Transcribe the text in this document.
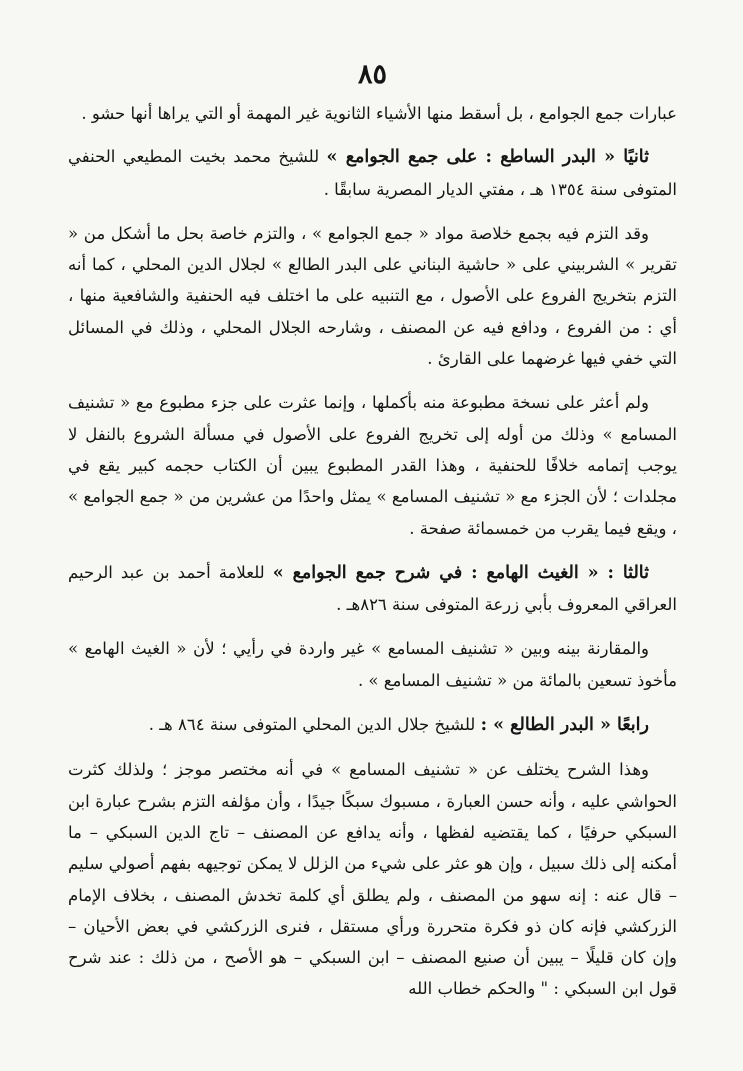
٨٥

عبارات جمع الجوامع ، بل أسقط منها الأشياء الثانوية غير المهمة أو التي يراها أنها حشو .

ثانيًا « البدر الساطع : على جمع الجوامع » للشيخ محمد بخيت المطيعي الحنفي المتوفى سنة ١٣٥٤ هـ ، مفتي الديار المصرية سابقًا .

وقد التزم فيه بجمع خلاصة مواد « جمع الجوامع » ، والتزم خاصة بحل ما أشكل من « تقرير » الشربيني على « حاشية البناني على البدر الطالع » لجلال الدين المحلي ، كما أنه التزم بتخريج الفروع على الأصول ، مع التنبيه على ما اختلف فيه الحنفية والشافعية منها ، أي : من الفروع ، ودافع فيه عن المصنف ، وشارحه الجلال المحلي ، وذلك في المسائل التي خفي فيها غرضهما على القارئ .

ولم أعثر على نسخة مطبوعة منه بأكملها ، وإنما عثرت على جزء مطبوع مع « تشنيف المسامع » وذلك من أوله إلى تخريج الفروع على الأصول في مسألة الشروع بالنفل لا يوجب إتمامه خلافًا للحنفية ، وهذا القدر المطبوع يبين أن الكتاب حجمه كبير يقع في مجلدات ؛ لأن الجزء مع « تشنيف المسامع » يمثل واحدًا من عشرين من « جمع الجوامع » ، ويقع فيما يقرب من خمسمائة صفحة .

ثالثا : « الغيث الهامع : في شرح جمع الجوامع » للعلامة أحمد بن عبد الرحيم العراقي المعروف بأبي زرعة المتوفى سنة ٨٢٦هـ .

والمقارنة بينه وبين « تشنيف المسامع » غير واردة في رأيي ؛ لأن « الغيث الهامع » مأخوذ تسعين بالمائة من « تشنيف المسامع » .

رابعًا « البدر الطالع » : للشيخ جلال الدين المحلي المتوفى سنة ٨٦٤ هـ .

وهذا الشرح يختلف عن « تشنيف المسامع » في أنه مختصر موجز ؛ ولذلك كثرت الحواشي عليه ، وأنه حسن العبارة ، مسبوك سبكًا جيدًا ، وأن مؤلفه التزم بشرح عبارة ابن السبكي حرفيًا ، كما يقتضيه لفظها ، وأنه يدافع عن المصنف – تاج الدين السبكي – ما أمكنه إلى ذلك سبيل ، وإن هو عثر على شيء من الزلل لا يمكن توجيهه بفهم أصولي سليم – قال عنه : إنه سهو من المصنف ، ولم يطلق أي كلمة تخدش المصنف ، بخلاف الإمام الزركشي فإنه كان ذو فكرة متحررة ورأي مستقل ، فنرى الزركشي في بعض الأحيان – وإن كان قليلًا – يبين أن صنيع المصنف – ابن السبكي – هو الأصح ، من ذلك : عند شرح قول ابن السبكي : " والحكم خطاب الله
